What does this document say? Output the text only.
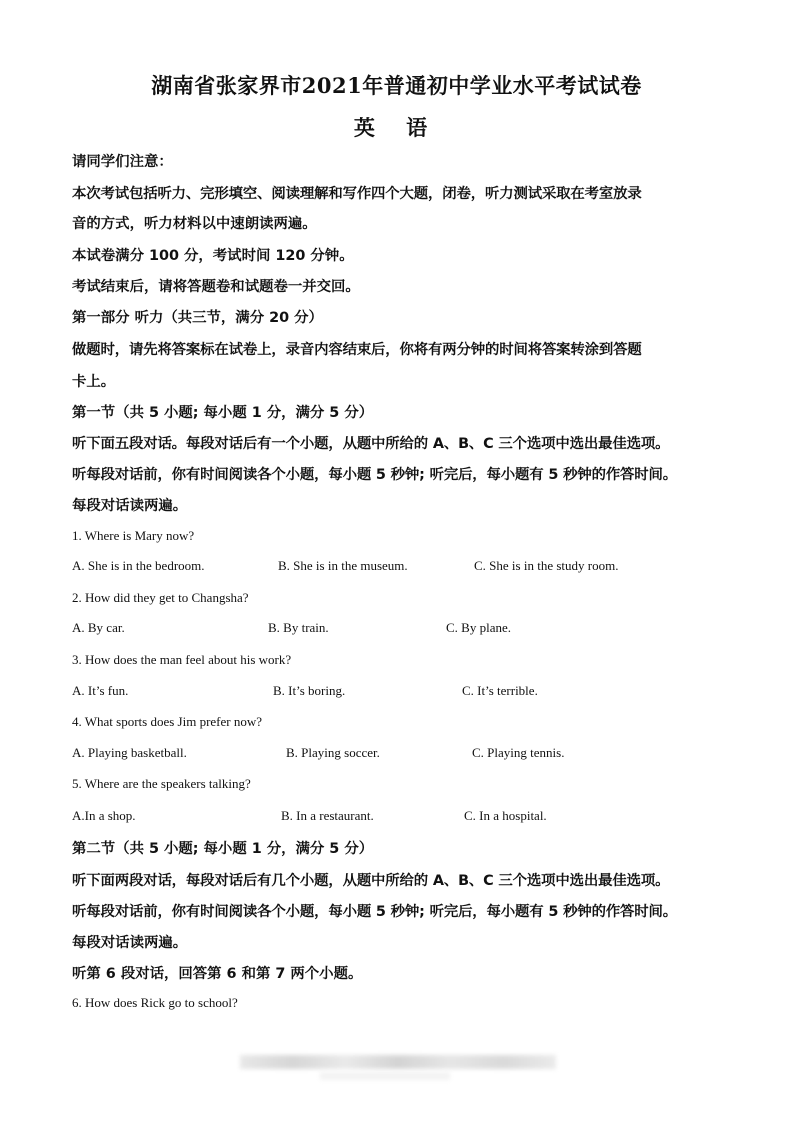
湖南省张家界市2021年普通初中学业水平考试试卷
英 语
请同学们注意：
本次考试包括听力、完形填空、阅读理解和写作四个大题，闭卷，听力测试采取在考室放录
音的方式，听力材料以中速朗读两遍。
本试卷满分 100 分，考试时间 120 分钟。
考试结束后，请将答题卷和试题卷一并交回。
第一部分 听力（共三节，满分 20 分）
做题时，请先将答案标在试卷上，录音内容结束后，你将有两分钟的时间将答案转涂到答题
卡上。
第一节（共 5 小题; 每小题 1 分，满分 5 分）
听下面五段对话。每段对话后有一个小题，从题中所给的 A、B、C 三个选项中选出最佳选项。
听每段对话前，你有时间阅读各个小题，每小题 5 秒钟; 听完后，每小题有 5 秒钟的作答时间。
每段对话读两遍。
1. Where is Mary now?
A. She is in the bedroom.	B. She is in the museum.	C. She is in the study room.
2. How did they get to Changsha?
A. By car.	B. By train.	C. By plane.
3. How does the man feel about his work?
A. It’s fun.	B. It’s boring.	C. It’s terrible.
4. What sports does Jim prefer now?
A. Playing basketball.	B. Playing soccer.	C. Playing tennis.
5. Where are the speakers talking?
A.In a shop.	B. In a restaurant.	C. In a hospital.
第二节（共 5 小题; 每小题 1 分，满分 5 分）
听下面两段对话，每段对话后有几个小题，从题中所给的 A、B、C 三个选项中选出最佳选项。
听每段对话前，你有时间阅读各个小题，每小题 5 秒钟; 听完后，每小题有 5 秒钟的作答时间。
每段对话读两遍。
听第 6 段对话，回答第 6 和第 7 两个小题。
6. How does Rick go to school?
